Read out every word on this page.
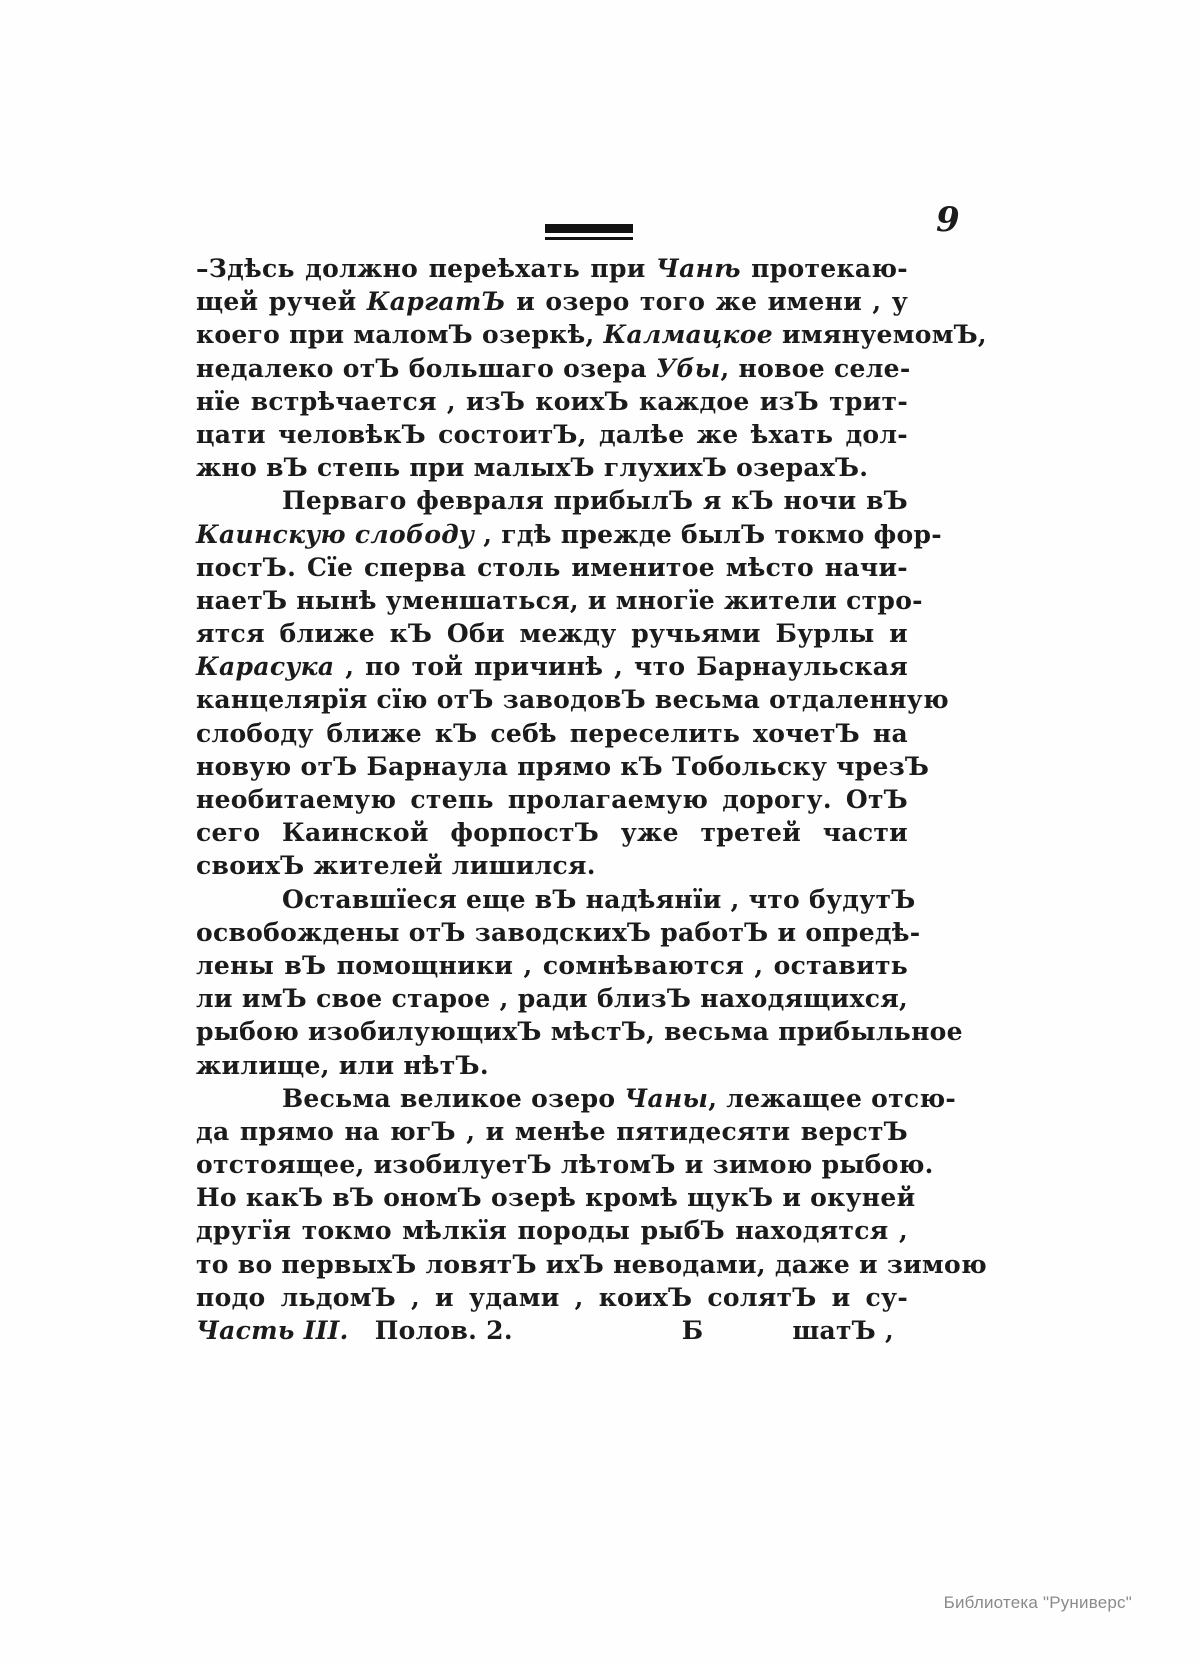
9
–Здѣсь должно переѣхать при Чанѣ протекаю-
щей ручей КаргатЪ и озеро того же имени , у
коего при маломЪ озеркѣ, Калмацкое имянуемомЪ,
недалеко отЪ большаго озера Убы, новое селе-
нїе встрѣчается , изЪ коихЪ каждое изЪ трит-
цати человѣкЪ состоитЪ, далѣе же ѣхать дол-
жно вЪ степь при малыхЪ глухихЪ озерахЪ.
Перваго февраля прибылЪ я кЪ ночи вЪ
Каинскую слободу , гдѣ прежде былЪ токмо фор-
постЪ. Сїе сперва столь именитое мѣсто начи-
наетЪ нынѣ уменшаться, и многїе жители стро-
ятся ближе кЪ Оби между ручьями Бурлы и
Карасука , по той причинѣ , что Барнаульская
канцелярїя сїю отЪ заводовЪ весьма отдаленную
слободу ближе кЪ себѣ переселить хочетЪ на
новую отЪ Барнаула прямо кЪ Тобольску чрезЪ
необитаемую степь пролагаемую дорогу. ОтЪ
сего Каинской форпостЪ уже третей части
своихЪ жителей лишился.
Оставшїеся еще вЪ надѣянїи , что будутЪ
освобождены отЪ заводскихЪ работЪ и опредѣ-
лены вЪ помощники , сомнѣваются , оставить
ли имЪ свое старое , ради близЪ находящихся,
рыбою изобилующихЪ мѣстЪ, весьма прибыльное
жилище, или нѣтЪ.
Весьма великое озеро Чаны, лежащее отсю-
да прямо на югЪ , и менѣе пятидесяти верстЪ
отстоящее, изобилуетЪ лѣтомЪ и зимою рыбою.
Но какЪ вЪ ономЪ озерѣ кромѣ щукЪ и окуней
другїя токмо мѣлкїя породы рыбЪ находятся ,
то во первыхЪ ловятЪ ихЪ неводами, даже и зимою
подо льдомЪ , и удами , коихЪ солятЪ и су-
Часть III. Полов. 2.	Б	шатЪ ,
Библиотека "Руниверс"
